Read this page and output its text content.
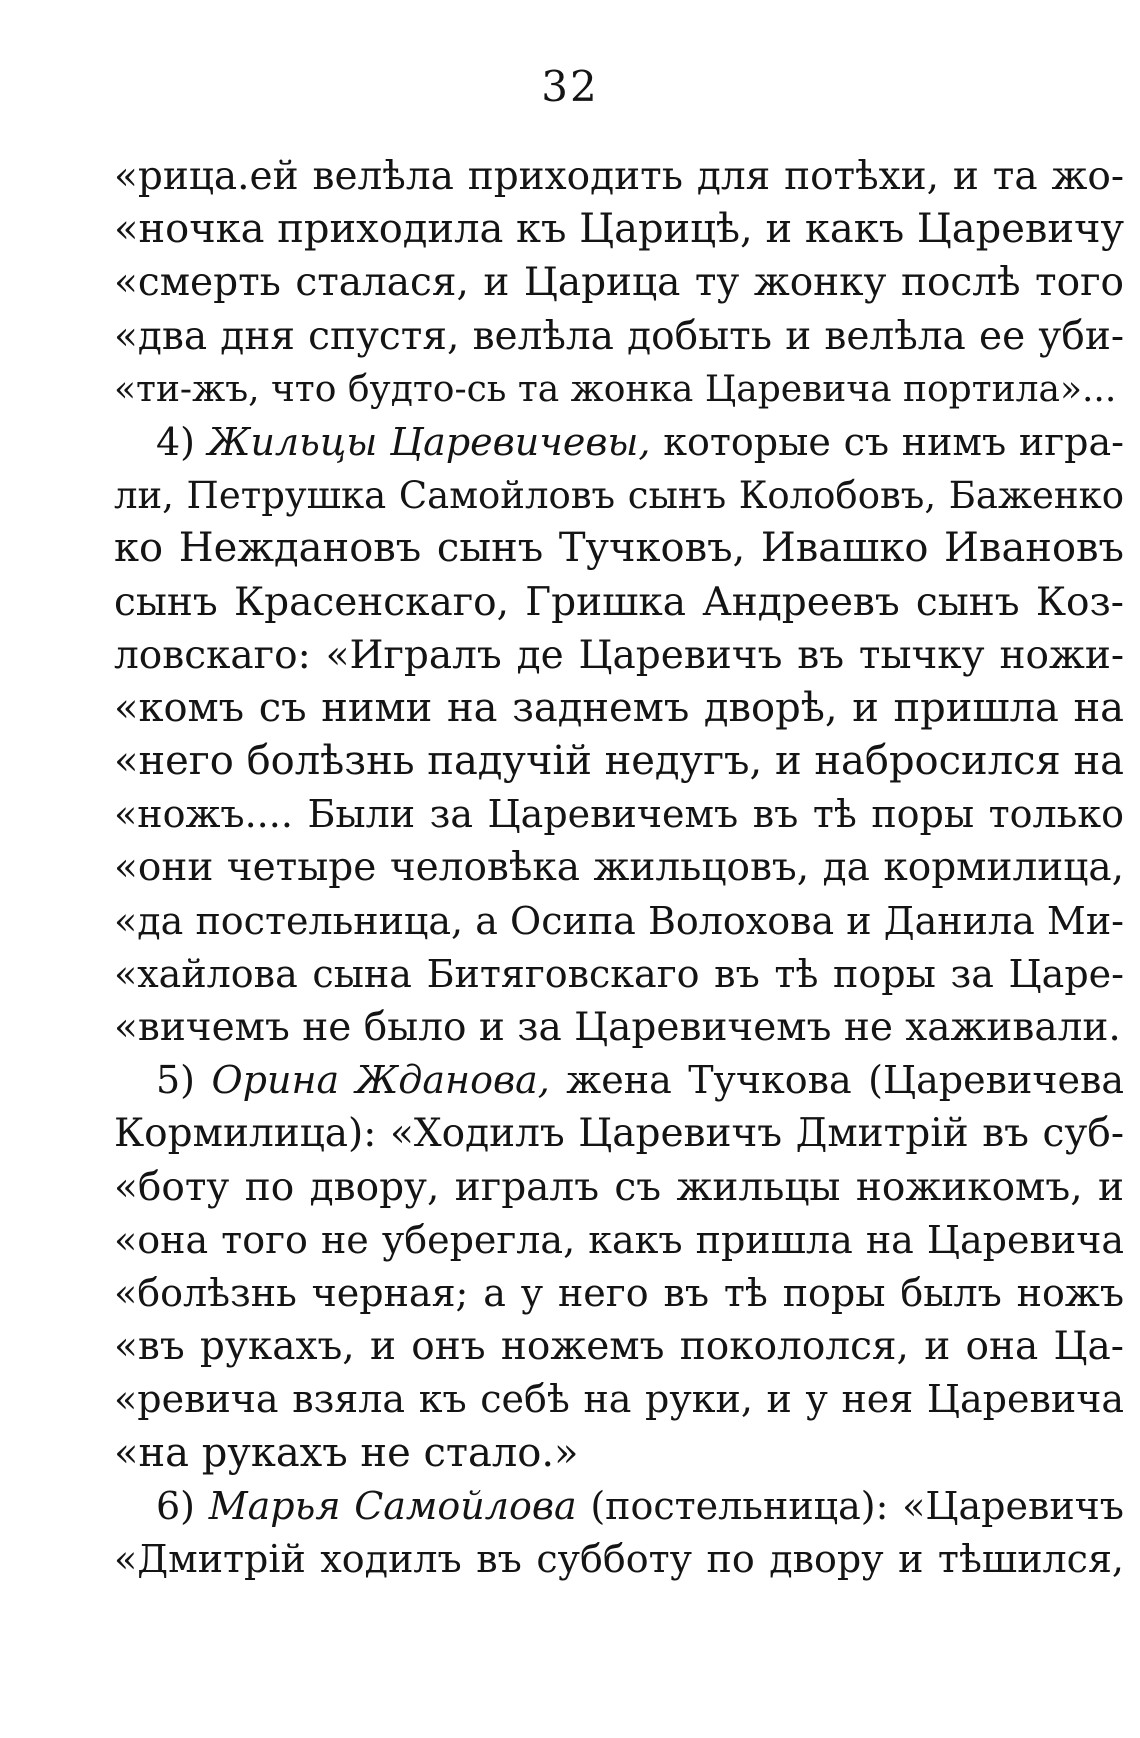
32
«рица.ей велѣла приходить для потѣхи, и та жо-
«ночка приходила къ Царицѣ, и какъ Царевичу
«смерть сталася, и Царица ту жонку послѣ того
«два дня спустя, велѣла добыть и велѣла ее уби-
«ти-жъ, что будто-сь та жонка Царевича портила»...
4) Жильцы Царевичевы, которые съ нимъ игра-
ли, Петрушка Самойловъ сынъ Колобовъ, Баженко
ко Неждановъ сынъ Тучковъ, Ивашко Ивановъ
сынъ Красенскаго, Гришка Андреевъ сынъ Коз-
ловскаго: «Игралъ де Царевичъ въ тычку ножи-
«комъ съ ними на заднемъ дворѣ, и пришла на
«него болѣзнь падучій недугъ, и набросился на
«ножъ.... Были за Царевичемъ въ тѣ поры только
«они четыре человѣка жильцовъ, да кормилица,
«да постельница, а Осипа Волохова и Данила Ми-
«хайлова сына Битяговскаго въ тѣ поры за Царе-
«вичемъ не было и за Царевичемъ не хаживали.
5) Орина Жданова, жена Тучкова (Царевичева
Кормилица): «Ходилъ Царевичъ Дмитрій въ суб-
«боту по двору, игралъ съ жильцы ножикомъ, и
«она того не уберегла, какъ пришла на Царевича
«болѣзнь черная; а у него въ тѣ поры былъ ножъ
«въ рукахъ, и онъ ножемъ покололся, и она Ца-
«ревича взяла къ себѣ на руки, и у нея Царевича
«на рукахъ не стало.»
6) Марья Самойлова (постельница): «Царевичъ
«Дмитрій ходилъ въ субботу по двору и тѣшился,
